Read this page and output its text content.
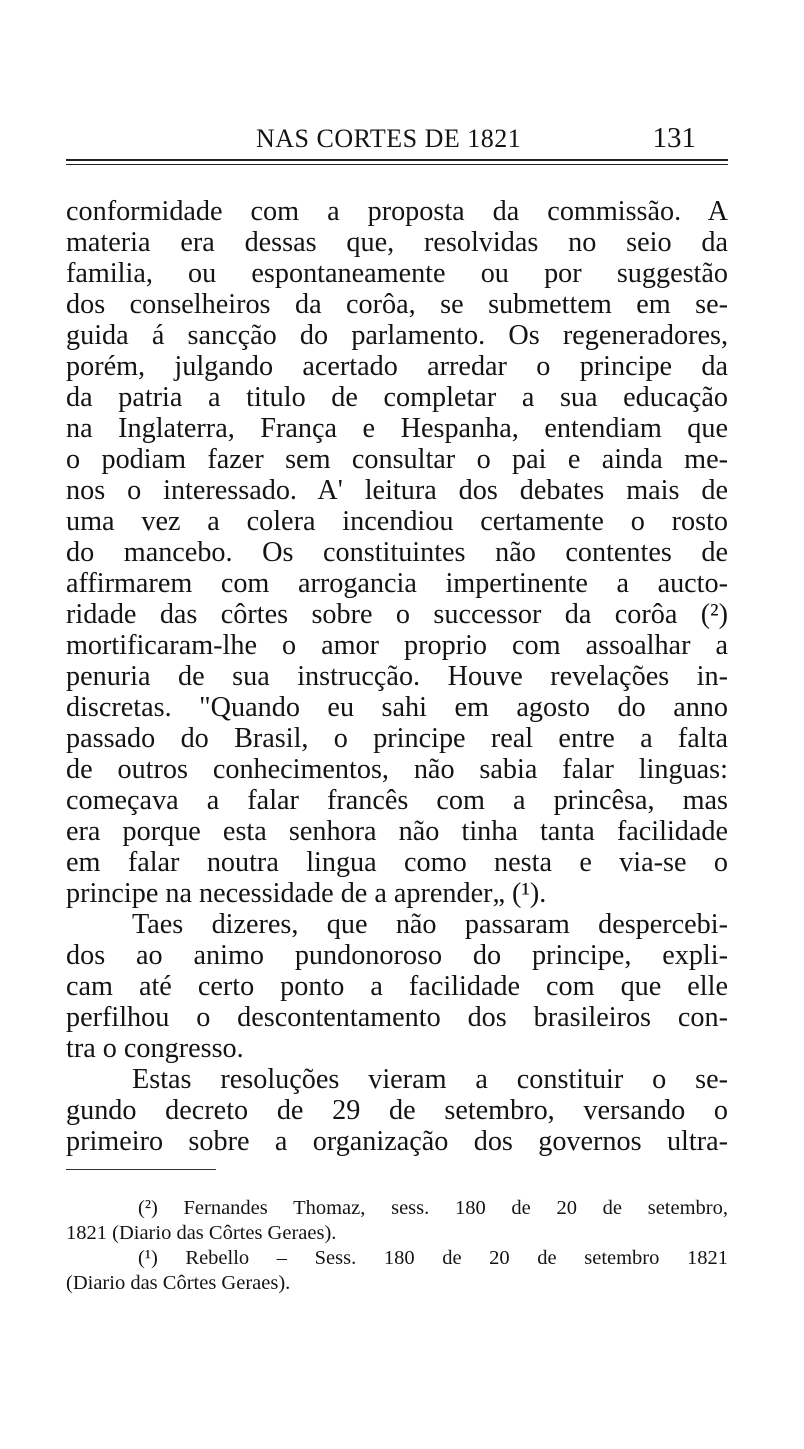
NAS CORTES DE 1821	131
conformidade com a proposta da commissão. A
materia era dessas que, resolvidas no seio da
familia, ou espontaneamente ou por suggestão
dos conselheiros da corôa, se submettem em se-
guida á sancção do parlamento. Os regeneradores,
porém, julgando acertado arredar o principe da
da patria a titulo de completar a sua educação
na Inglaterra, França e Hespanha, entendiam que
o podiam fazer sem consultar o pai e ainda me-
nos o interessado. A' leitura dos debates mais de
uma vez a colera incendiou certamente o rosto
do mancebo. Os constituintes não contentes de
affirmarem com arrogancia impertinente a aucto-
ridade das côrtes sobre o successor da corôa (²)
mortificaram-lhe o amor proprio com assoalhar a
penuria de sua instrucção. Houve revelações in-
discretas. "Quando eu sahi em agosto do anno
passado do Brasil, o principe real entre a falta
de outros conhecimentos, não sabia falar linguas:
começava a falar francês com a princêsa, mas
era porque esta senhora não tinha tanta facilidade
em falar noutra lingua como nesta e via-se o
principe na necessidade de a aprender„ (¹).
Taes dizeres, que não passaram despercebi-
dos ao animo pundonoroso do principe, expli-
cam até certo ponto a facilidade com que elle
perfilhou o descontentamento dos brasileiros con-
tra o congresso.
Estas resoluções vieram a constituir o se-
gundo decreto de 29 de setembro, versando o
primeiro sobre a organização dos governos ultra-
(²) Fernandes Thomaz, sess. 180 de 20 de setembro,
1821 (Diario das Côrtes Geraes).
(¹) Rebello – Sess. 180 de 20 de setembro 1821
(Diario das Côrtes Geraes).
